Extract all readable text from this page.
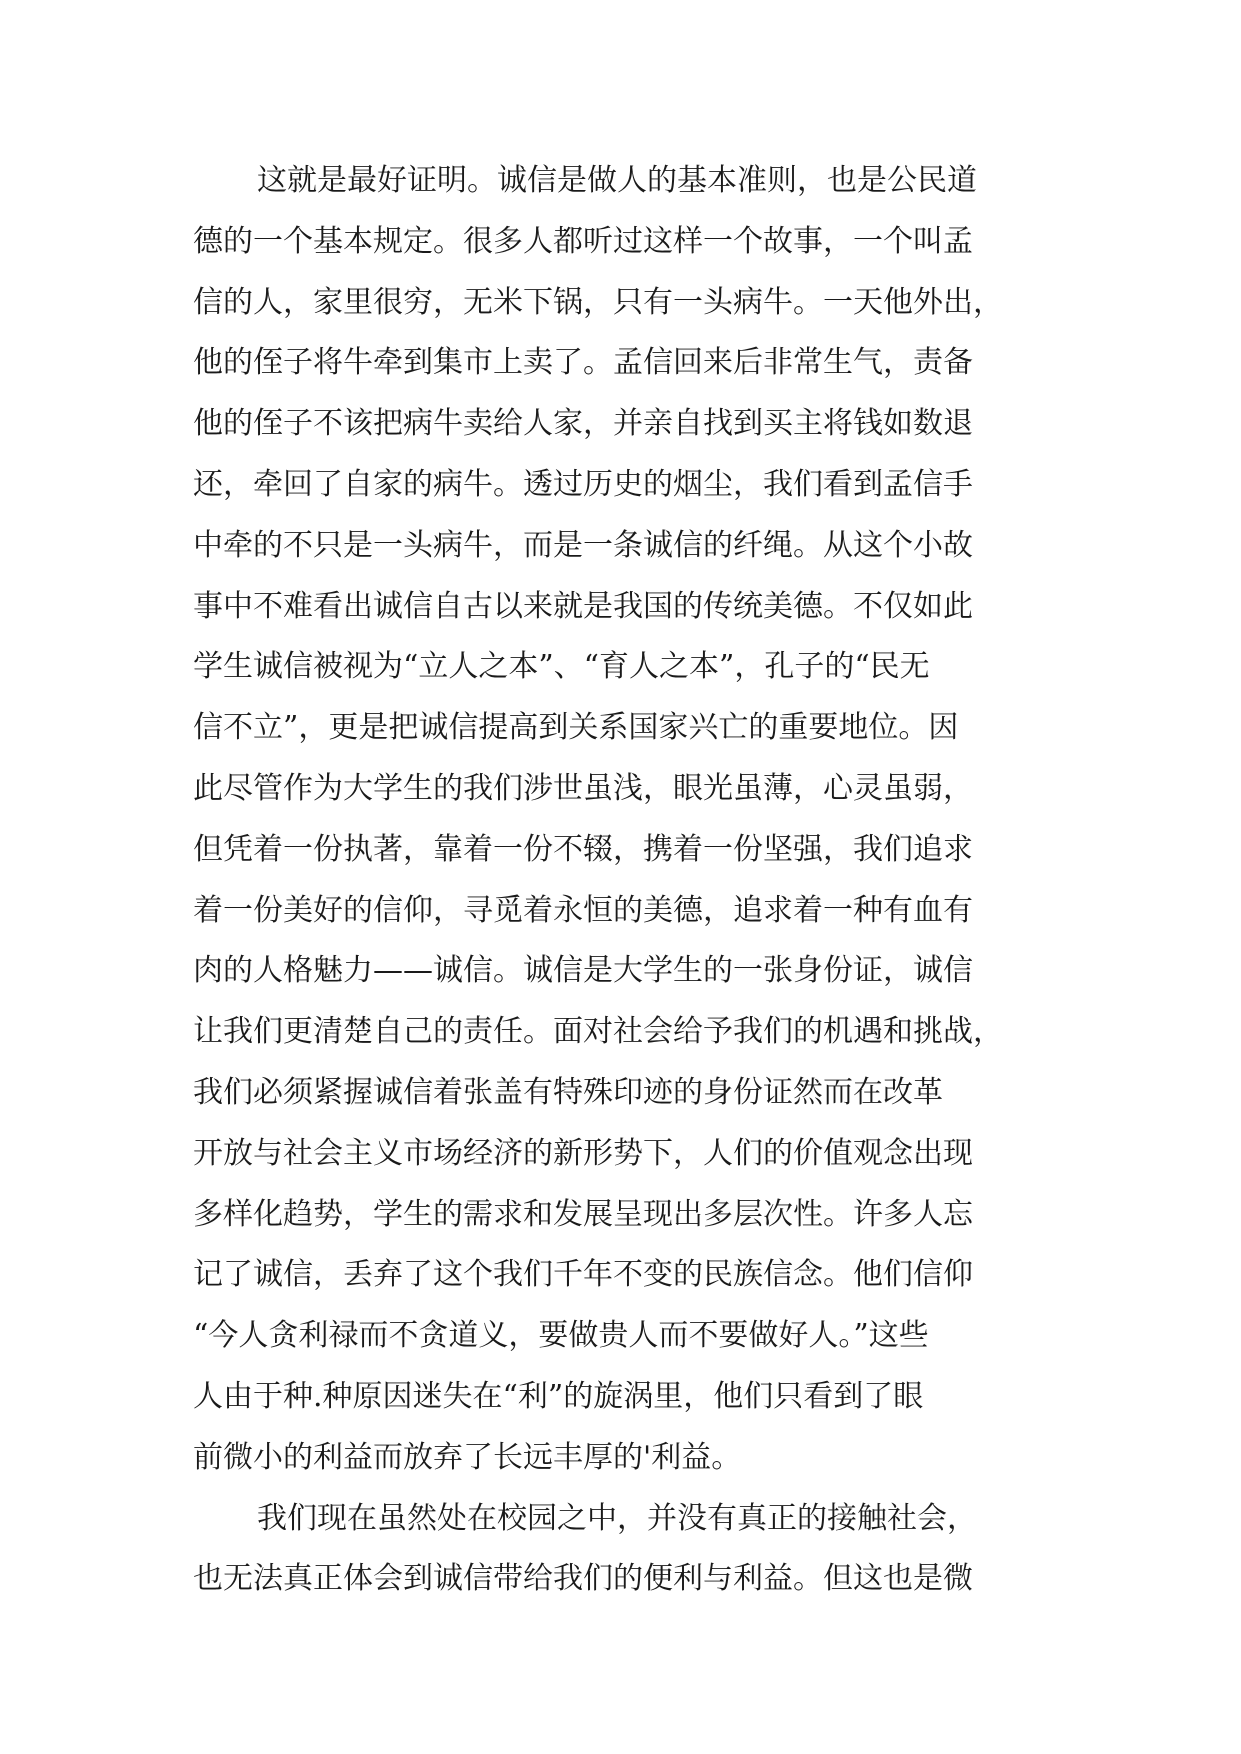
这就是最好证明。诚信是做人的基本准则，也是公民道
德的一个基本规定。很多人都听过这样一个故事，一个叫孟
信的人，家里很穷，无米下锅，只有一头病牛。一天他外出，
他的侄子将牛牵到集市上卖了。孟信回来后非常生气，责备
他的侄子不该把病牛卖给人家，并亲自找到买主将钱如数退
还，牵回了自家的病牛。透过历史的烟尘，我们看到孟信手
中牵的不只是一头病牛，而是一条诚信的纤绳。从这个小故
事中不难看出诚信自古以来就是我国的传统美德。不仅如此
学生诚信被视为“立人之本”、“育人之本”，孔子的“民无
信不立”，更是把诚信提高到关系国家兴亡的重要地位。因
此尽管作为大学生的我们涉世虽浅，眼光虽薄，心灵虽弱，
但凭着一份执著，靠着一份不辍，携着一份坚强，我们追求
着一份美好的信仰，寻觅着永恒的美德，追求着一种有血有
肉的人格魅力——诚信。诚信是大学生的一张身份证，诚信
让我们更清楚自己的责任。面对社会给予我们的机遇和挑战，
我们必须紧握诚信着张盖有特殊印迹的身份证然而在改革
开放与社会主义市场经济的新形势下，人们的价值观念出现
多样化趋势，学生的需求和发展呈现出多层次性。许多人忘
记了诚信，丢弃了这个我们千年不变的民族信念。他们信仰
“今人贪利禄而不贪道义，要做贵人而不要做好人。”这些
人由于种.种原因迷失在“利”的旋涡里，他们只看到了眼
前微小的利益而放弃了长远丰厚的'利益。
我们现在虽然处在校园之中，并没有真正的接触社会，
也无法真正体会到诚信带给我们的便利与利益。但这也是微
